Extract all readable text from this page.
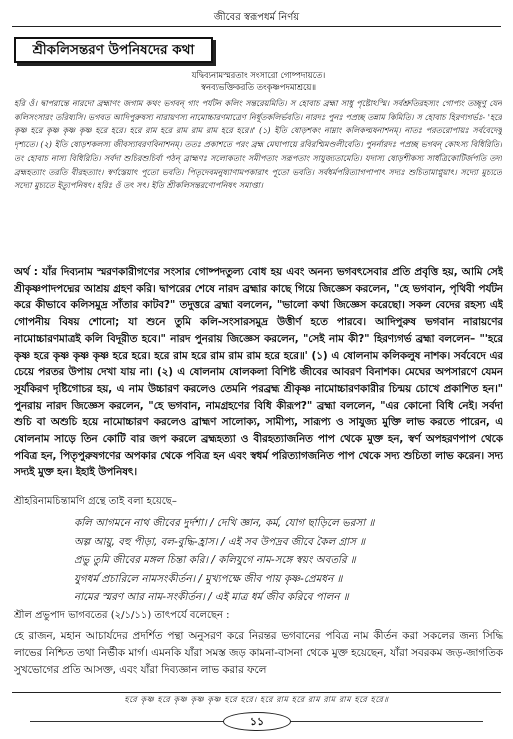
জীবের স্বরূপধর্ম নির্ণয়
শ্রীকলিসন্তরণ উপনিষদের কথা
যদ্বিব্যনামস্মরতাং সংসারো গোষ্পদায়তে।
স্বনব্যভক্তিকরতি তংকৃষ্ণপদমাশ্রয়ে॥
হরি ওঁ। দ্বাপরান্তে নারদো ব্রহ্মাণং জগাম কথং ভগবন্‌ গাং পর্যটন কলিং সন্তরেয়মিতি। স হোবাচ ব্রহ্মা সাধু পৃষ্টোঽস্মি। সর্বশ্রুতিরহস্যং গোপ্যং তচ্ছৃণু যেন কলিসংসারং তরিষ্যসি। ভগবত আদিপুরুষস্য নারায়ণস্য নামোচ্চারণমাত্রেণ নির্ধূতকলির্ভবতি। নারদঃ পুনঃ পপ্রচ্ছ তন্নাম কিমিতি। স হোবাচ হিরণ্যগর্ভঃ- 'হরে কৃষ্ণ হরে কৃষ্ণ কৃষ্ণ কৃষ্ণ হরে হরে। হরে রাম হরে রাম রাম রাম হরে হরে॥' (১) ইতি ষোড়শকং নাম্নাং কলিকল্মষনাশনম্‌। নাতঃ পরতরোপায়ঃ সর্ববেদেষু দৃশ্যতে। (২) ইতি ষোড়শকলস্য জীবস্যাবরণবিনাশনম্‌। ততঃ প্রকাশতে পরং ব্রহ্ম মেঘাপায়ে রবিরশ্মিমণ্ডলীবেতি। পুনর্নারদঃ পপ্রচ্ছ ভগবন্‌ কোঽস্য বিধিরিতি। তং হোবাচ নাস্য বিধিরিতি। সর্বদা শুচিরশুচির্বা পঠন্‌ ব্রাহ্মণঃ সলোকতাং সমীপতাং সরূপতাং সাযুজ্যতামেতি। যদাস্য ষোড়শীকস্য সার্ধত্রিকোটির্জপতি তদা ব্রহ্মহত্যাং তরতি বীরহত্যাং। স্বর্ণস্তেয়াৎ পূতো ভবতি। পিতৃদেবমনুষ্যাণামপকারাৎ পূতো ভবতি। সর্বধর্মপরিত্যাগপাপাৎ সদ্যঃ শুচিতামাপ্নুয়াৎ। সদ্যো মুচ্যতে সদ্যো মুচ্যতে ইত্যুপনিষৎ। হরিঃ ওঁ তৎ সৎ। ইতি শ্রীকলিসন্তরণোপনিষৎ সমাপ্তা।
অর্থ : যাঁর দিব্যনাম স্মরণকারীগণের সংসার গোষ্পদতুল্য বোধ হয় এবং অনন্য ভগবৎসেবার প্রতি প্রবৃত্তি হয়, আমি সেই শ্রীকৃষ্ণপাদপদ্মের আশ্রয় গ্রহণ করি। দ্বাপরের শেষে নারদ ব্রহ্মার কাছে গিয়ে জিজ্ঞেস করলেন, "হে ভগবান, পৃথিবী পর্যটন করে কীভাবে কলিসমুদ্র সাঁতার কাটব?" তদুত্তরে ব্রহ্মা বললেন, "ভালো কথা জিজ্ঞেস করেছো। সকল বেদের রহস্য এই গোপনীয় বিষয় শোনো; যা শুনে তুমি কলি-সংসারসমুদ্র উত্তীর্ণ হতে পারবে। আদিপুরুষ ভগবান নারায়ণের নামোচ্চারণমাত্রই কলি বিদূরীত হবে।" নারদ পুনরায় জিজ্ঞেস করলেন, "সেই নাম কী?" হিরণ্যগর্ভ ব্রহ্মা বললেন– "'হরে কৃষ্ণ হরে কৃষ্ণ কৃষ্ণ কৃষ্ণ হরে হরে। হরে রাম হরে রাম রাম রাম হরে হরে॥' (১) এ ষোলনাম কলিকলুষ নাশক। সর্ববেদে এর চেয়ে পরতর উপায় দেখা যায় না। (২) এ ষোলনাম ষোলকলা বিশিষ্ট জীবের আবরণ বিনাশক। মেঘের অপসারণে যেমন সূর্যকিরণ দৃষ্টিগোচর হয়, এ নাম উচ্চারণ করলেও তেমনি পরব্রহ্ম শ্রীকৃষ্ণ নামোচ্চারণকারীর চিন্ময় চোখে প্রকাশিত হন।" পুনরায় নারদ জিজ্ঞেস করলেন, "হে ভগবান, নামগ্রহণের বিধি কীরূপ?" ব্রহ্মা বললেন, "এর কোনো বিধি নেই। সর্বদা শুচি বা অশুচি হয়ে নামোচ্চারণ করলেও ব্রাহ্মণ সালোক্য, সামীপ্য, সারূপ্য ও সাযুজ্য মুক্তি লাভ করতে পারেন, এ ষোলনাম সাড়ে তিন কোটি বার জপ করলে ব্রহ্মহত্যা ও বীরহত্যাজনিত পাপ থেকে মুক্ত হন, স্বর্ণ অপহরণপাপ থেকে পবিত্র হন, পিতৃপুরুষগণের অপকার থেকে পবিত্র হন এবং স্বধর্ম পরিত্যাগজনিত পাপ থেকে সদ্য শুচিতা লাভ করেন। সদ্য সদ্যই মুক্ত হন। ইহাই উপনিষৎ।
শ্রীহরিনামচিন্তামণি গ্রন্থে তাই বলা হয়েছে–
কলি আগমনে নাথ জীবের দুর্দশা। / দেখি জ্ঞান, কর্ম, যোগ ছাড়িলে ভরসা ॥
অল্প আয়ু, বহু পীড়া, বল-বুদ্ধি-হ্রাস। / এই সব উপদ্রব জীবে কৈল গ্রাস ॥
প্রভু তুমি জীবের মঙ্গল চিন্তা করি। / কলিযুগে নাম-সঙ্গে স্বয়ং অবতরি ॥
যুগধর্ম প্রচারিলে নামসংকীর্তন। / মুখ্যপক্ষে জীব পায় কৃষ্ণ-প্রেমধন ॥
নামের স্মরণ আর নাম-সংকীর্তন। / এই মাত্র ধর্ম জীব করিবে পালন ॥
শ্রীল প্রভুপাদ ভাগবতের (২/১/১১) তাৎপর্যে বলেছেন :
হে রাজন, মহান আচার্যদের প্রদর্শিত পন্থা অনুসরণ করে নিরন্তর ভগবানের পবিত্র নাম কীর্তন করা সকলের জন্য সিদ্ধি লাভের নিশ্চিত তথা নির্ভীক মার্গ। এমনকি যাঁরা সমস্ত জড় কামনা-বাসনা থেকে মুক্ত হয়েছেন, যাঁরা সবরকম জড়-জাগতিক সুখভোগের প্রতি আসক্ত, এবং যাঁরা দিব্যজ্ঞান লাভ করার ফলে
হরে কৃষ্ণ হরে কৃষ্ণ কৃষ্ণ কৃষ্ণ হরে হরে। হরে রাম হরে রাম রাম রাম হরে হরে॥
১১
